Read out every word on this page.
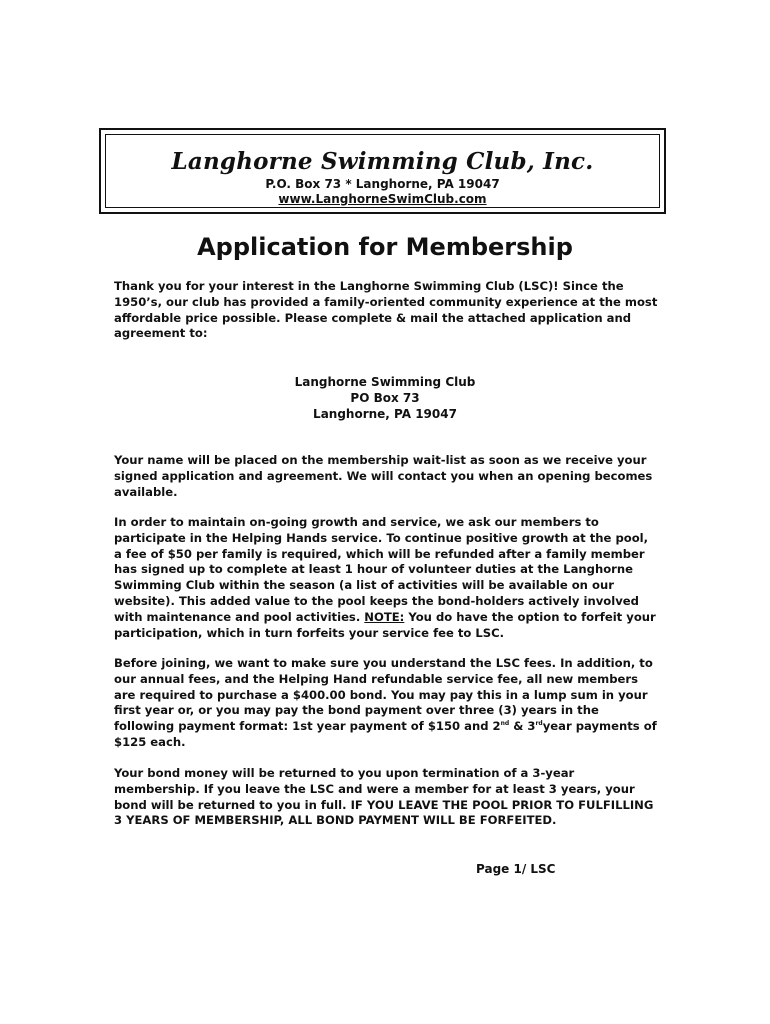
Langhorne Swimming Club, Inc.
P.O. Box 73 * Langhorne, PA 19047
www.LanghorneSwimClub.com
Application for Membership

Thank you for your interest in the Langhorne Swimming Club (LSC)! Since the 1950’s, our club has provided a family-oriented community experience at the most affordable price possible. Please complete & mail the attached application and agreement to:

Langhorne Swimming Club
PO Box 73
Langhorne, PA 19047

Your name will be placed on the membership wait-list as soon as we receive your signed application and agreement. We will contact you when an opening becomes available.

In order to maintain on-going growth and service, we ask our members to participate in the Helping Hands service. To continue positive growth at the pool, a fee of $50 per family is required, which will be refunded after a family member has signed up to complete at least 1 hour of volunteer duties at the Langhorne Swimming Club within the season (a list of activities will be available on our website). This added value to the pool keeps the bond-holders actively involved with maintenance and pool activities. NOTE: You do have the option to forfeit your participation, which in turn forfeits your service fee to LSC.

Before joining, we want to make sure you understand the LSC fees. In addition, to our annual fees, and the Helping Hand refundable service fee, all new members are required to purchase a $400.00 bond. You may pay this in a lump sum in your first year or, or you may pay the bond payment over three (3) years in the following payment format: 1st year payment of $150 and 2nd & 3rdyear payments of $125 each.

Your bond money will be returned to you upon termination of a 3-year membership. If you leave the LSC and were a member for at least 3 years, your bond will be returned to you in full. IF YOU LEAVE THE POOL PRIOR TO FULFILLING 3 YEARS OF MEMBERSHIP, ALL BOND PAYMENT WILL BE FORFEITED.

Page 1/ LSC
